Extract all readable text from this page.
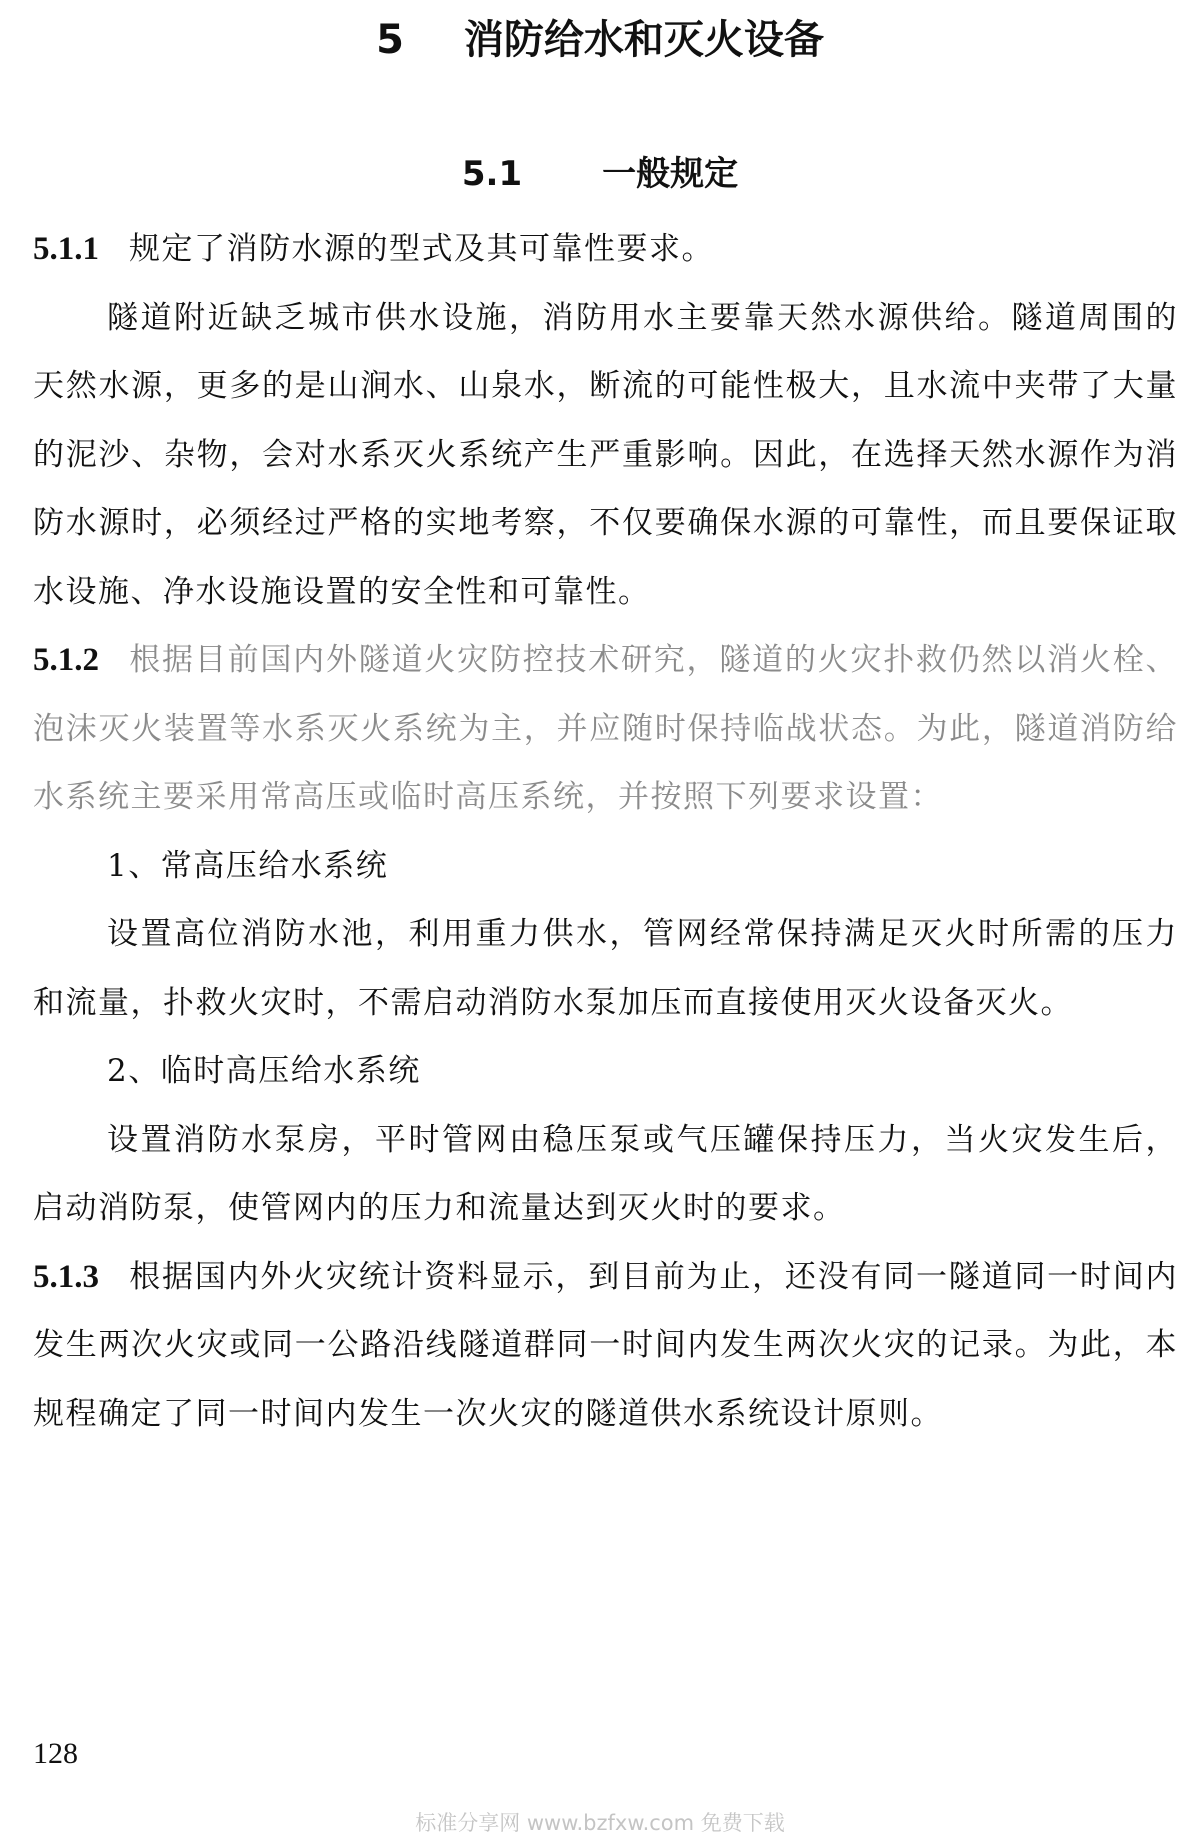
5 消防给水和灭火设备
5.1 一般规定

5.1.1 规定了消防水源的型式及其可靠性要求。

隧道附近缺乏城市供水设施，消防用水主要靠天然水源供给。隧道周围的天然水源，更多的是山涧水、山泉水，断流的可能性极大，且水流中夹带了大量的泥沙、杂物，会对水系灭火系统产生严重影响。因此，在选择天然水源作为消防水源时，必须经过严格的实地考察，不仅要确保水源的可靠性，而且要保证取水设施、净水设施设置的安全性和可靠性。

5.1.2 根据目前国内外隧道火灾防控技术研究，隧道的火灾扑救仍然以消火栓、泡沫灭火装置等水系灭火系统为主，并应随时保持临战状态。为此，隧道消防给水系统主要采用常高压或临时高压系统，并按照下列要求设置：

1、常高压给水系统

设置高位消防水池，利用重力供水，管网经常保持满足灭火时所需的压力和流量，扑救火灾时，不需启动消防水泵加压而直接使用灭火设备灭火。

2、临时高压给水系统

设置消防水泵房，平时管网由稳压泵或气压罐保持压力，当火灾发生后，启动消防泵，使管网内的压力和流量达到灭火时的要求。

5.1.3 根据国内外火灾统计资料显示，到目前为止，还没有同一隧道同一时间内发生两次火灾或同一公路沿线隧道群同一时间内发生两次火灾的记录。为此，本规程确定了同一时间内发生一次火灾的隧道供水系统设计原则。

128
标准分享网 www.bzfxw.com 免费下载
